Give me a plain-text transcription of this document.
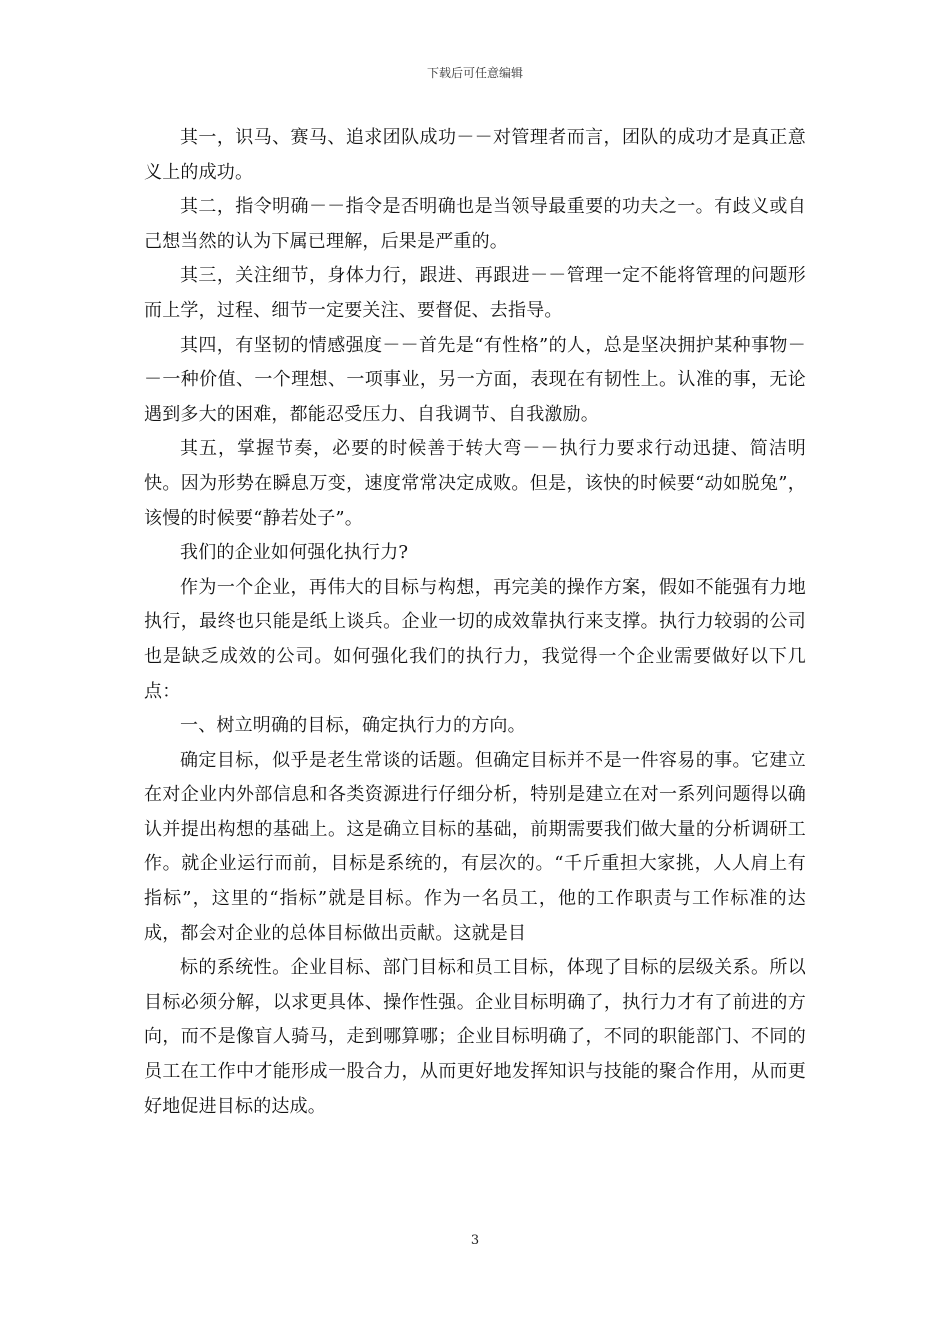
下载后可任意编辑

其一，识马、赛马、追求团队成功－－对管理者而言，团队的成功才是真正意义上的成功。

其二，指令明确－－指令是否明确也是当领导最重要的功夫之一。有歧义或自己想当然的认为下属已理解，后果是严重的。

其三，关注细节，身体力行，跟进、再跟进－－管理一定不能将管理的问题形而上学，过程、细节一定要关注、要督促、去指导。

其四，有坚韧的情感强度－－首先是“有性格”的人，总是坚决拥护某种事物－－一种价值、一个理想、一项事业，另一方面，表现在有韧性上。认准的事，无论遇到多大的困难，都能忍受压力、自我调节、自我激励。

其五，掌握节奏，必要的时候善于转大弯－－执行力要求行动迅捷、简洁明快。因为形势在瞬息万变，速度常常决定成败。但是，该快的时候要“动如脱兔”，该慢的时候要“静若处子”。

我们的企业如何强化执行力?

作为一个企业，再伟大的目标与构想，再完美的操作方案，假如不能强有力地执行，最终也只能是纸上谈兵。企业一切的成效靠执行来支撑。执行力较弱的公司也是缺乏成效的公司。如何强化我们的执行力，我觉得一个企业需要做好以下几点：

一、树立明确的目标，确定执行力的方向。

确定目标，似乎是老生常谈的话题。但确定目标并不是一件容易的事。它建立在对企业内外部信息和各类资源进行仔细分析，特别是建立在对一系列问题得以确认并提出构想的基础上。这是确立目标的基础，前期需要我们做大量的分析调研工作。就企业运行而前，目标是系统的，有层次的。“千斤重担大家挑，人人肩上有指标”，这里的“指标”就是目标。作为一名员工，他的工作职责与工作标准的达成，都会对企业的总体目标做出贡献。这就是目

标的系统性。企业目标、部门目标和员工目标，体现了目标的层级关系。所以目标必须分解，以求更具体、操作性强。企业目标明确了，执行力才有了前进的方向，而不是像盲人骑马，走到哪算哪；企业目标明确了，不同的职能部门、不同的员工在工作中才能形成一股合力，从而更好地发挥知识与技能的聚合作用，从而更好地促进目标的达成。

3
